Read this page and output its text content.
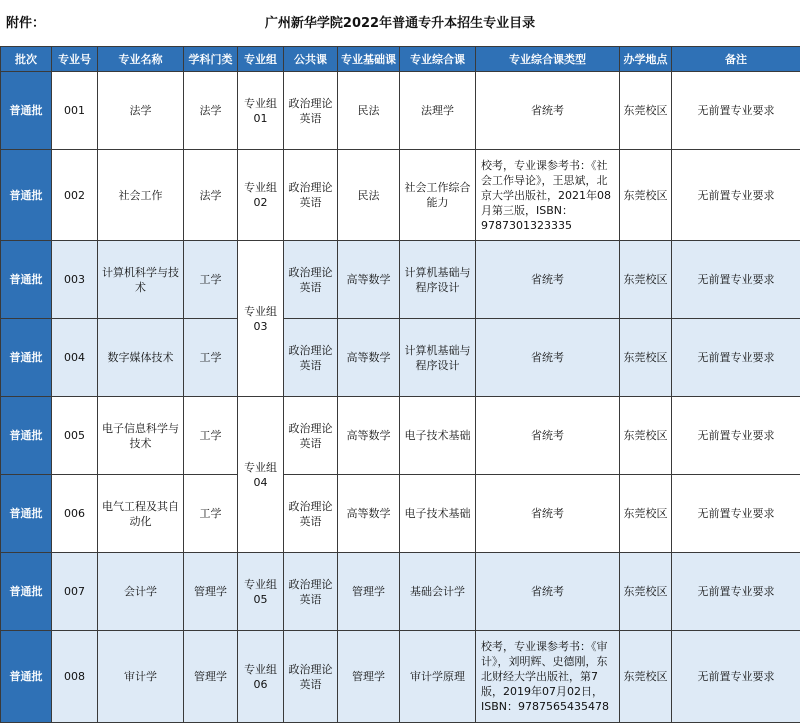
附件：	广州新华学院2022年普通专升本招生专业目录
批次	专业号	专业名称	学科门类	专业组	公共课	专业基础课	专业综合课	专业综合课类型	办学地点	备注
普通批	001	法学	法学	专业组01	政治理论英语	民法	法理学	省统考	东莞校区	无前置专业要求
普通批	002	社会工作	法学	专业组02	政治理论英语	民法	社会工作综合能力	校考，专业课参考书：《社会工作导论》，王思斌，北京大学出版社，2021年08月第三版，ISBN：9787301323335	东莞校区	无前置专业要求
普通批	003	计算机科学与技术	工学	专业组03	政治理论英语	高等数学	计算机基础与程序设计	省统考	东莞校区	无前置专业要求
普通批	004	数字媒体技术	工学		政治理论英语	高等数学	计算机基础与程序设计	省统考	东莞校区	无前置专业要求
普通批	005	电子信息科学与技术	工学	专业组04	政治理论英语	高等数学	电子技术基础	省统考	东莞校区	无前置专业要求
普通批	006	电气工程及其自动化	工学		政治理论英语	高等数学	电子技术基础	省统考	东莞校区	无前置专业要求
普通批	007	会计学	管理学	专业组05	政治理论英语	管理学	基础会计学	省统考	东莞校区	无前置专业要求
普通批	008	审计学	管理学	专业组06	政治理论英语	管理学	审计学原理	校考，专业课参考书：《审计》，刘明辉、史德刚，东北财经大学出版社，第7版，2019年07月02日，ISBN：9787565435478	东莞校区	无前置专业要求
